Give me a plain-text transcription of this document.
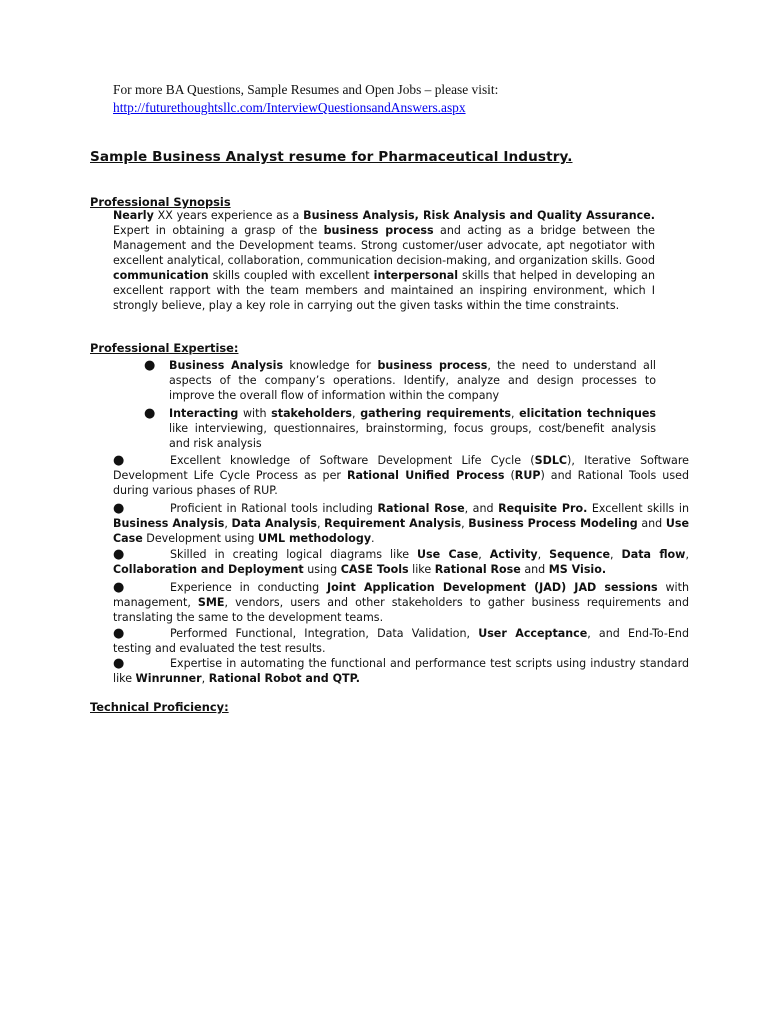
For more BA Questions, Sample Resumes and Open Jobs – please visit:
http://futurethoughtsllc.com/InterviewQuestionsandAnswers.aspx
Sample Business Analyst resume for Pharmaceutical Industry.
Professional Synopsis
Nearly XX years experience as a Business Analysis, Risk Analysis and Quality Assurance. Expert in obtaining a grasp of the business process and acting as a bridge between the Management and the Development teams. Strong customer/user advocate, apt negotiator with excellent analytical, collaboration, communication decision-making, and organization skills. Good communication skills coupled with excellent interpersonal skills that helped in developing an excellent rapport with the team members and maintained an inspiring environment, which I strongly believe, play a key role in carrying out the given tasks within the time constraints.
Professional Expertise:
● Business Analysis knowledge for business process, the need to understand all aspects of the company’s operations. Identify, analyze and design processes to improve the overall flow of information within the company
● Interacting with stakeholders, gathering requirements, elicitation techniques like interviewing, questionnaires, brainstorming, focus groups, cost/benefit analysis and risk analysis
●	Excellent knowledge of Software Development Life Cycle (SDLC), Iterative Software Development Life Cycle Process as per Rational Unified Process (RUP) and Rational Tools used during various phases of RUP.
●	Proficient in Rational tools including Rational Rose, and Requisite Pro. Excellent skills in Business Analysis, Data Analysis, Requirement Analysis, Business Process Modeling and Use Case Development using UML methodology.
●	Skilled in creating logical diagrams like Use Case, Activity, Sequence, Data flow, Collaboration and Deployment using CASE Tools like Rational Rose and MS Visio.
●	Experience in conducting Joint Application Development (JAD) JAD sessions with management, SME, vendors, users and other stakeholders to gather business requirements and translating the same to the development teams.
●	Performed Functional, Integration, Data Validation, User Acceptance, and End-To-End testing and evaluated the test results.
●	Expertise in automating the functional and performance test scripts using industry standard like Winrunner, Rational Robot and QTP.
Technical Proficiency:
